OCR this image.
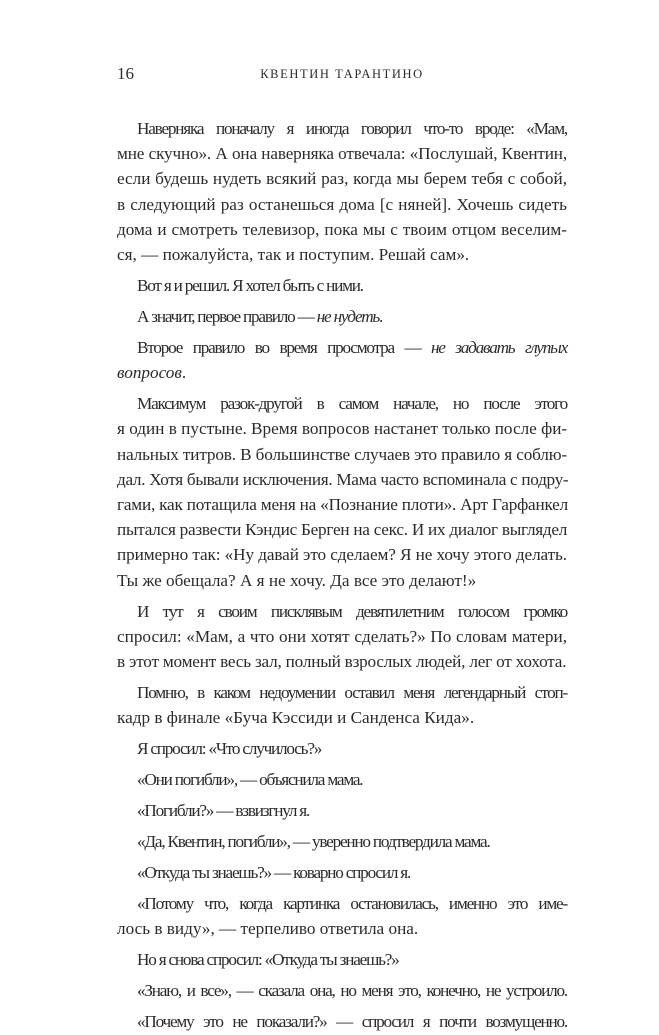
16	КВЕНТИН ТАРАНТИНО

Наверняка поначалу я иногда говорил что-то вроде: «Мам,
мне скучно». А она наверняка отвечала: «Послушай, Квентин,
если будешь нудеть всякий раз, когда мы берем тебя с собой,
в следующий раз останешься дома [с няней]. Хочешь сидеть
дома и смотреть телевизор, пока мы с твоим отцом веселим-
ся, — пожалуйста, так и поступим. Решай сам».

Вот я и решил. Я хотел быть с ними.

А значит, первое правило — не нудеть.

Второе правило во время просмотра — не задавать глупых
вопросов.

Максимум разок-другой в самом начале, но после этого
я один в пустыне. Время вопросов настанет только после фи-
нальных титров. В большинстве случаев это правило я соблю-
дал. Хотя бывали исключения. Мама часто вспоминала с подру-
гами, как потащила меня на «Познание плоти». Арт Гарфанкел
пытался развести Кэндис Берген на секс. И их диалог выглядел
примерно так: «Ну давай это сделаем? Я не хочу этого делать.
Ты же обещала? А я не хочу. Да все это делают!»

И тут я своим писклявым девятилетним голосом громко
спросил: «Мам, а что они хотят сделать?» По словам матери,
в этот момент весь зал, полный взрослых людей, лег от хохота.

Помню, в каком недоумении оставил меня легендарный стоп-
кадр в финале «Буча Кэссиди и Санденса Кида».

Я спросил: «Что случилось?»

«Они погибли», — объяснила мама.

«Погибли?» — взвизгнул я.

«Да, Квентин, погибли», — уверенно подтвердила мама.

«Откуда ты знаешь?» — коварно спросил я.

«Потому что, когда картинка остановилась, именно это име-
лось в виду», — терпеливо ответила она.

Но я снова спросил: «Откуда ты знаешь?»

«Знаю, и все», — сказала она, но меня это, конечно, не устроило.

«Почему это не показали?» — спросил я почти возмущенно.
